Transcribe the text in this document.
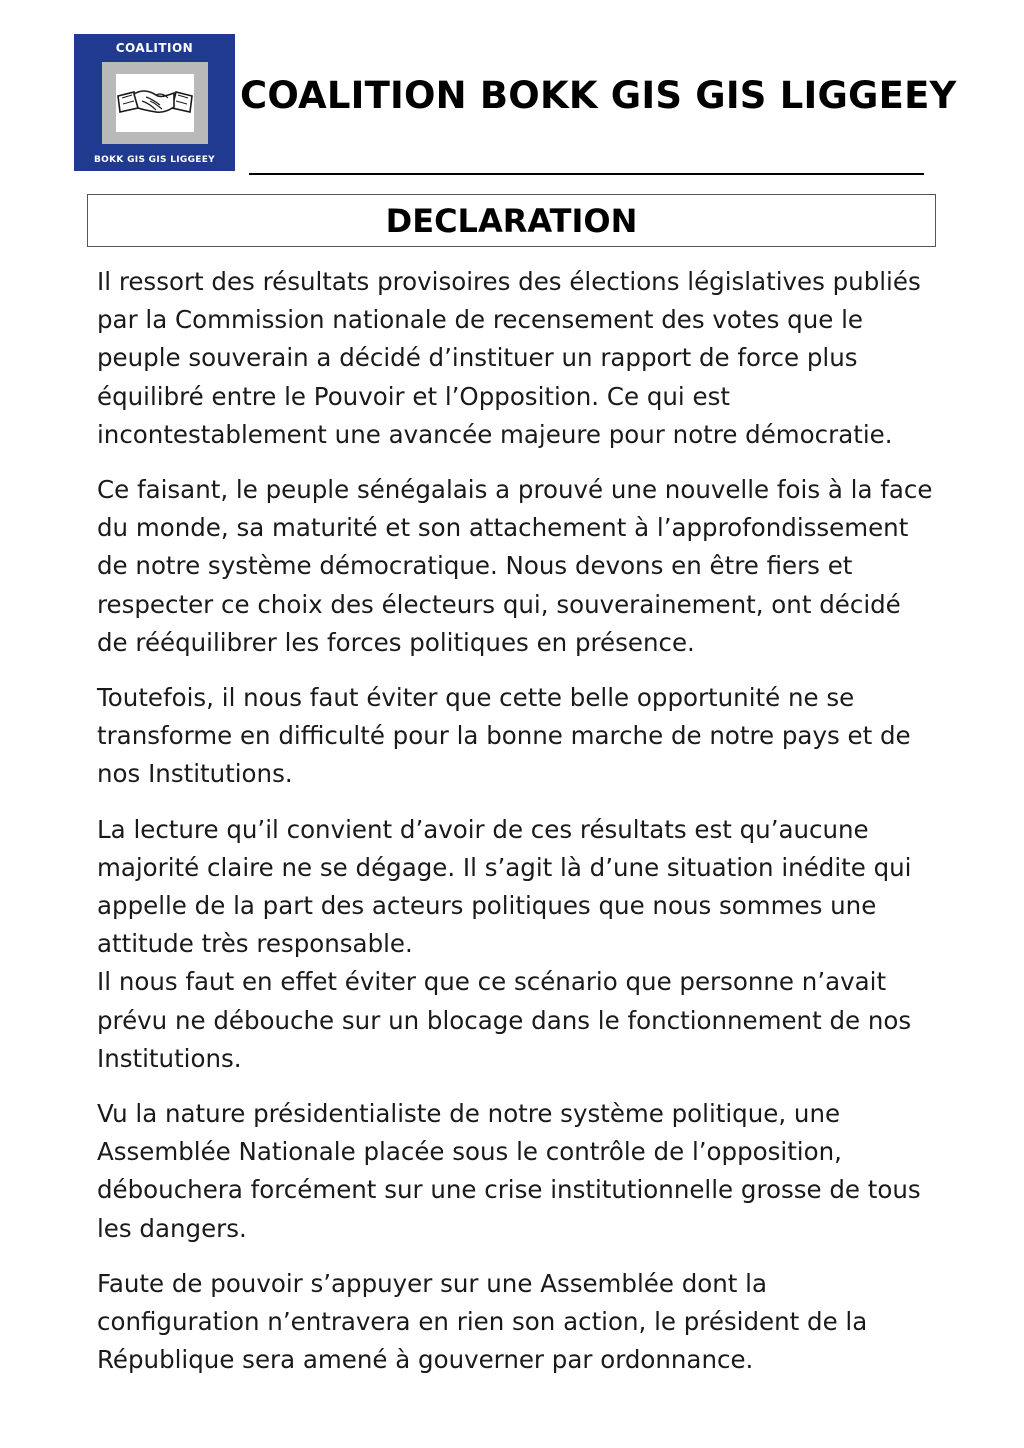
COALITION
BOKK GIS GIS LIGGEEY
COALITION BOKK GIS GIS LIGGEEY
DECLARATION

Il ressort des résultats provisoires des élections législatives publiés par la Commission nationale de recensement des votes que le peuple souverain a décidé d’instituer un rapport de force plus équilibré entre le Pouvoir et l’Opposition. Ce qui est incontestablement une avancée majeure pour notre démocratie.

Ce faisant, le peuple sénégalais a prouvé une nouvelle fois à la face du monde, sa maturité et son attachement à l’approfondissement de notre système démocratique. Nous devons en être fiers et respecter ce choix des électeurs qui, souverainement, ont décidé de rééquilibrer les forces politiques en présence.

Toutefois, il nous faut éviter que cette belle opportunité ne se transforme en difficulté pour la bonne marche de notre pays et de nos Institutions.

La lecture qu’il convient d’avoir de ces résultats est qu’aucune majorité claire ne se dégage. Il s’agit là d’une situation inédite qui appelle de la part des acteurs politiques que nous sommes une attitude très responsable.

Il nous faut en effet éviter que ce scénario que personne n’avait prévu ne débouche sur un blocage dans le fonctionnement de nos Institutions.

Vu la nature présidentialiste de notre système politique, une Assemblée Nationale placée sous le contrôle de l’opposition, débouchera forcément sur une crise institutionnelle grosse de tous les dangers.

Faute de pouvoir s’appuyer sur une Assemblée dont la configuration n’entravera en rien son action, le président de la République sera amené à gouverner par ordonnance.
